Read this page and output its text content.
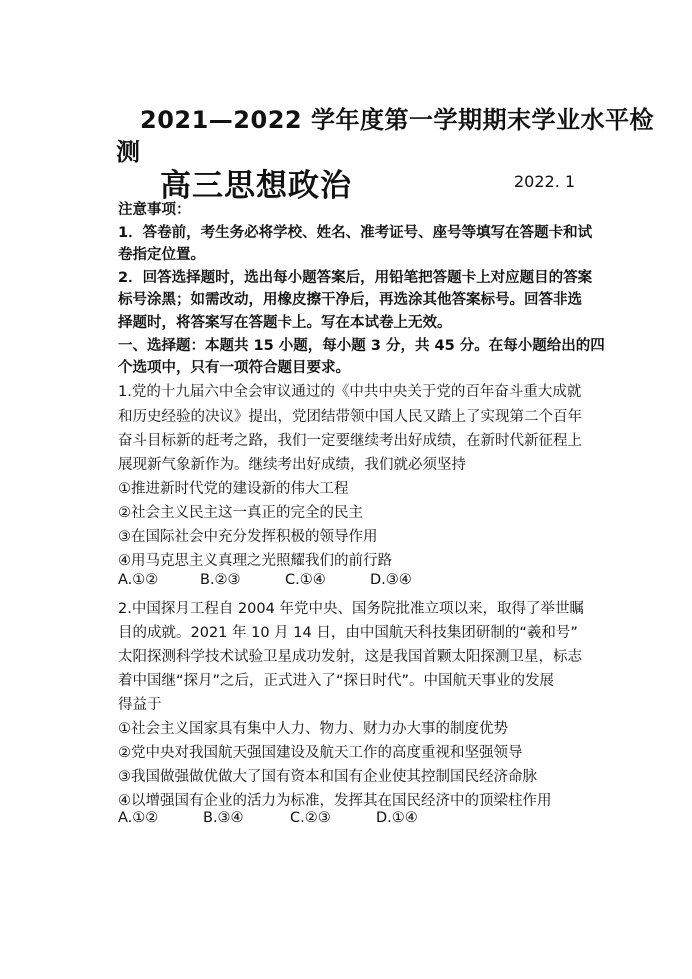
2021—2022 学年度第一学期期末学业水平检
测
高三思想政治	2022. 1
注意事项：
1．答卷前，考生务必将学校、姓名、准考证号、座号等填写在答题卡和试
卷指定位置。
2．回答选择题时，选出每小题答案后，用铅笔把答题卡上对应题目的答案
标号涂黑；如需改动，用橡皮擦干净后，再选涂其他答案标号。回答非选
择题时，将答案写在答题卡上。写在本试卷上无效。
一、选择题：本题共 15 小题，每小题 3 分，共 45 分。在每小题给出的四
个选项中，只有一项符合题目要求。
1.党的十九届六中全会审议通过的《中共中央关于党的百年奋斗重大成就
和历史经验的决议》提出，党团结带领中国人民又踏上了实现第二个百年
奋斗目标新的赶考之路，我们一定要继续考出好成绩，在新时代新征程上
展现新气象新作为。继续考出好成绩，我们就必须坚持
①推进新时代党的建设新的伟大工程
②社会主义民主这一真正的完全的民主
③在国际社会中充分发挥积极的领导作用
④用马克思主义真理之光照耀我们的前行路
A.①②	B.②③	C.①④	D.③④
2.中国探月工程自 2004 年党中央、国务院批准立项以来，取得了举世瞩
目的成就。2021 年 10 月 14 日，由中国航天科技集团研制的“羲和号”
太阳探测科学技术试验卫星成功发射，这是我国首颗太阳探测卫星，标志
着中国继“探月”之后，正式进入了“探日时代”。中国航天事业的发展
得益于
①社会主义国家具有集中人力、物力、财力办大事的制度优势
②党中央对我国航天强国建设及航天工作的高度重视和坚强领导
③我国做强做优做大了国有资本和国有企业使其控制国民经济命脉
④以增强国有企业的活力为标准，发挥其在国民经济中的顶梁柱作用
A.①②	B.③④	C.②③	D.①④
